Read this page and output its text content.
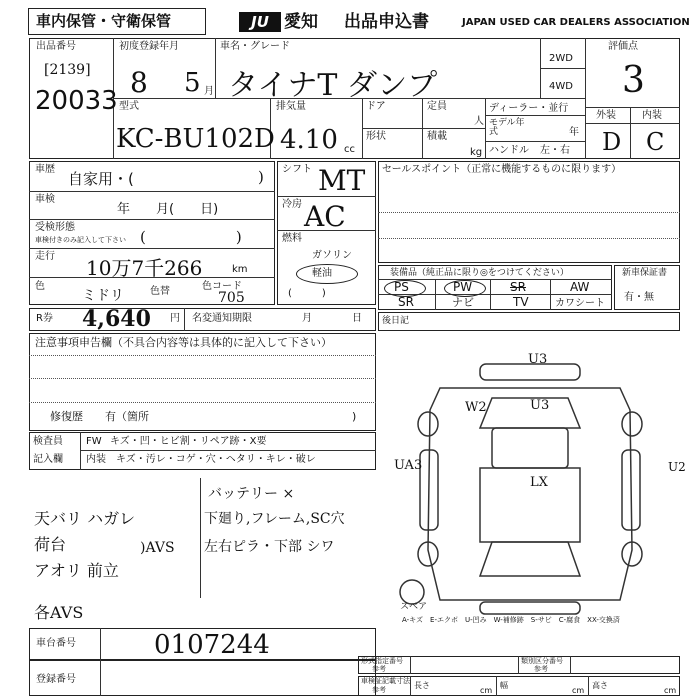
車内保管・守衛保管	JU 愛知 出品申込書	JAPAN USED CAR DEALERS ASSOCIATION
出品番号
[2139]
20033
初度登録年月
8 5 月
車名・グレード
タイナT ダンプ
2WD
4WD
評価点
3
外装	内装
D C
型式
KC-BU102D
排気量
4.10 cc
ドア	定員
人
形状	積載
kg
ディーラー・並行
モデル年式	年
ハンドル 左・右
車歴
自家用・(	)
車検
年　　月(　　日)
受検形態
車検付きのみ記入して下さい (　　　　　　)
走行 10万7千266	km
色
ミドリ	色替	色コード
705
シフト MT
冷房 AC
燃料
ガソリン
軽油
(　　　)
セールスポイント（正常に機能するものに限ります）
装備品（純正品に限り◎をつけてください）
PS	PW	SR	AW
SR	ナビ	TV	カワシート
新車保証書
有・無
R券 4,640 円 名変通知期限	月	日 後日記
注意事項申告欄（不具合内容等は具体的に記入して下さい）
修復歴　　有（箇所	)
検査員
記入欄
FW キズ・凹・ヒビ割・リペア跡・X要
内装 キズ・汚レ・コゲ・穴・ヘタリ・キレ・破レ
天バリ ハガレ
荷台	)AVS
アオリ 前立
各AVS
バッテリー ×
下廻り,フレーム,SC穴
左右ピラ・下部 シワ
U3
W2	U3
UA3
LX
U2
スペア
A-キズ　E-エクボ　U-凹み　W-補修跡　S-サビ　C-腐食　XX-交換済
車台番号	0107244
登録番号
形式指定番号
参考
類別区分番号
参考
車検証記載寸法
参考	長さ
cm
幅
cm
高さ
cm
